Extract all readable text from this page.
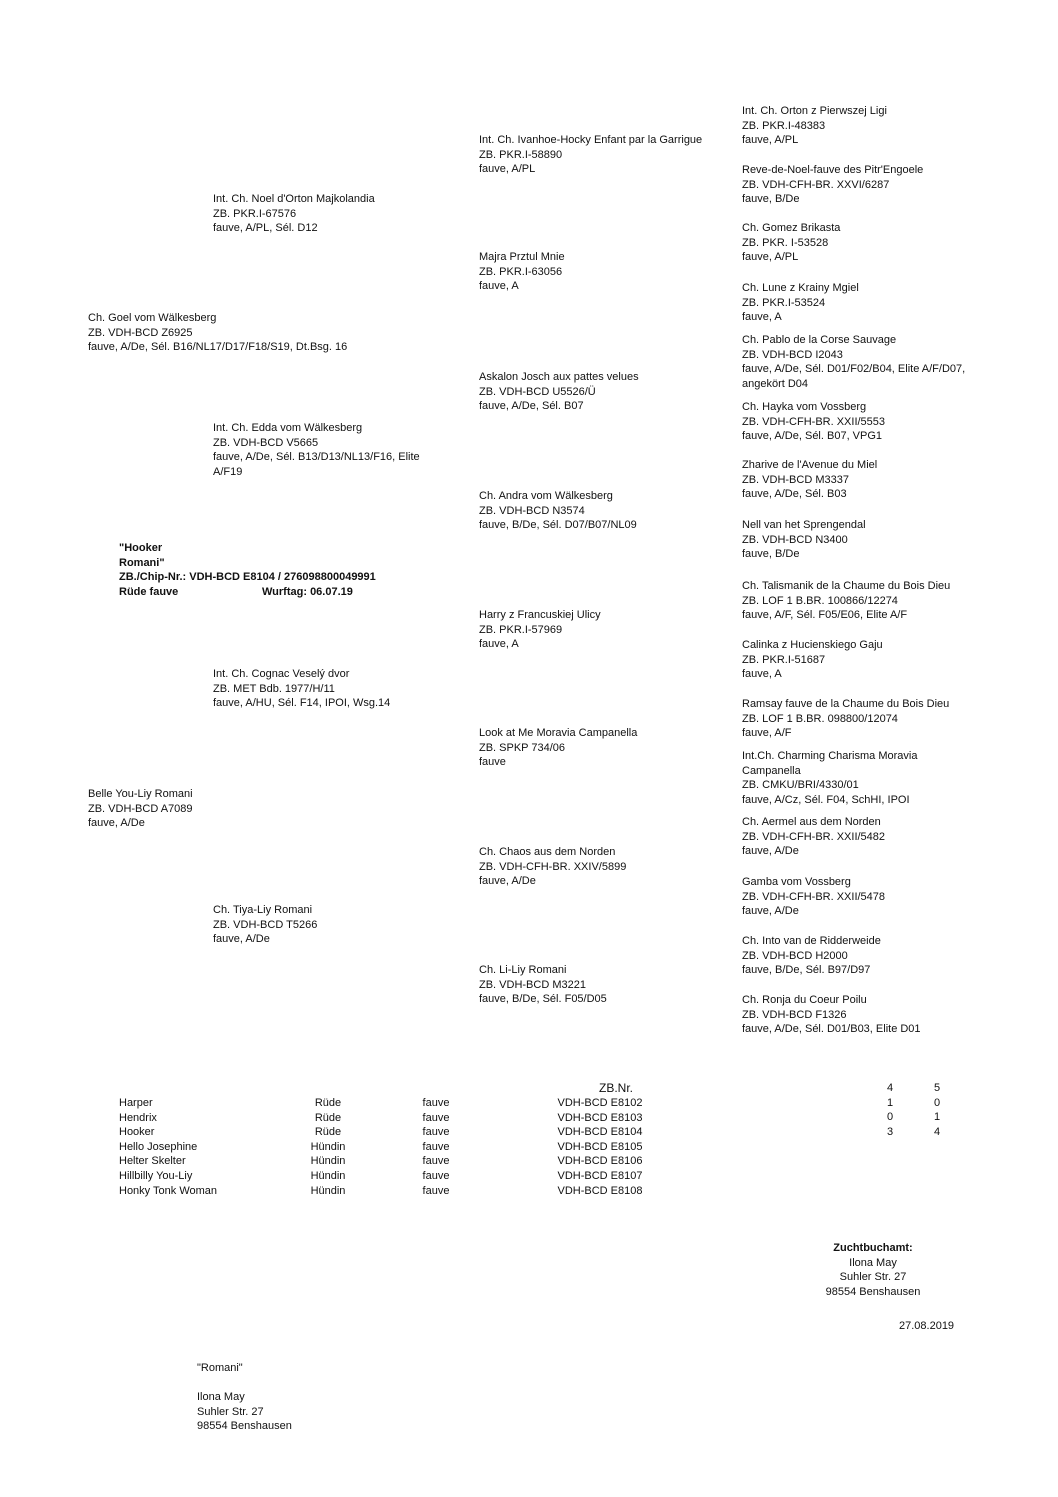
"Hooker
Romani"
ZB./Chip-Nr.: VDH-BCD E8104 / 276098800049991
Rüde fauve	Wurftag: 06.07.19
Ch. Goel vom Wälkesberg
ZB. VDH-BCD Z6925
fauve, A/De, Sél. B16/NL17/D17/F18/S19, Dt.Bsg. 16
Belle You-Liy Romani
ZB. VDH-BCD A7089
fauve, A/De
Int. Ch. Noel d'Orton Majkolandia
ZB. PKR.I-67576
fauve, A/PL, Sél. D12
Int. Ch. Edda vom Wälkesberg
ZB. VDH-BCD V5665
fauve, A/De, Sél. B13/D13/NL13/F16, Elite A/F19
Int. Ch. Cognac Veselý dvor
ZB. MET Bdb. 1977/H/11
fauve, A/HU, Sél. F14, IPOI, Wsg.14
Ch. Tiya-Liy Romani
ZB. VDH-BCD T5266
fauve, A/De
Int. Ch. Ivanhoe-Hocky Enfant par la Garrigue
ZB. PKR.I-58890
fauve, A/PL
Majra Prztul Mnie
ZB. PKR.I-63056
fauve, A
Askalon Josch aux pattes velues
ZB. VDH-BCD U5526/Ü
fauve, A/De, Sél. B07
Ch. Andra vom Wälkesberg
ZB. VDH-BCD N3574
fauve, B/De, Sél. D07/B07/NL09
Harry z Francuskiej Ulicy
ZB. PKR.I-57969
fauve, A
Look at Me Moravia Campanella
ZB. SPKP 734/06
fauve
Ch. Chaos aus dem Norden
ZB. VDH-CFH-BR. XXIV/5899
fauve, A/De
Ch. Li-Liy Romani
ZB. VDH-BCD M3221
fauve, B/De, Sél. F05/D05
Int. Ch. Orton z Pierwszej Ligi
ZB. PKR.I-48383
fauve, A/PL
Reve-de-Noel-fauve des Pitr'Engoele
ZB. VDH-CFH-BR. XXVI/6287
fauve, B/De
Ch. Gomez Brikasta
ZB. PKR. I-53528
fauve, A/PL
Ch. Lune z Krainy Mgiel
ZB. PKR.I-53524
fauve, A
Ch. Pablo de la Corse Sauvage
ZB. VDH-BCD I2043
fauve, A/De, Sél. D01/F02/B04, Elite A/F/D07, angekört D04
Ch. Hayka vom Vossberg
ZB. VDH-CFH-BR. XXII/5553
fauve, A/De, Sél. B07, VPG1
Zharive de l'Avenue du Miel
ZB. VDH-BCD M3337
fauve, A/De, Sél. B03
Nell van het Sprengendal
ZB. VDH-BCD N3400
fauve, B/De
Ch. Talismanik de la Chaume du Bois Dieu
ZB. LOF 1 B.BR. 100866/12274
fauve, A/F, Sél. F05/E06, Elite A/F
Calinka z Hucienskiego Gaju
ZB. PKR.I-51687
fauve, A
Ramsay fauve de la Chaume du Bois Dieu
ZB. LOF 1 B.BR. 098800/12074
fauve, A/F
Int.Ch. Charming Charisma Moravia Campanella
ZB. CMKU/BRI/4330/01
fauve, A/Cz, Sél. F04, SchHI, IPOI
Ch. Aermel aus dem Norden
ZB. VDH-CFH-BR. XXII/5482
fauve, A/De
Gamba vom Vossberg
ZB. VDH-CFH-BR. XXII/5478
fauve, A/De
Ch. Into van de Ridderweide
ZB. VDH-BCD H2000
fauve, B/De, Sél. B97/D97
Ch. Ronja du Coeur Poilu
ZB. VDH-BCD F1326
fauve, A/De, Sél. D01/B03, Elite D01
ZB.Nr.
Harper
Hendrix
Hooker
Hello Josephine
Helter Skelter
Hillbilly You-Liy
Honky Tonk Woman
Rüde
Rüde
Rüde
Hündin
Hündin
Hündin
Hündin
fauve
fauve
fauve
fauve
fauve
fauve
fauve
VDH-BCD E8102
VDH-BCD E8103
VDH-BCD E8104
VDH-BCD E8105
VDH-BCD E8106
VDH-BCD E8107
VDH-BCD E8108
4
1
0
3
5
0
1
4
Zuchtbuchamt:
Ilona May
Suhler Str. 27
98554 Benshausen
27.08.2019
"Romani"
Ilona May
Suhler Str. 27
98554 Benshausen
